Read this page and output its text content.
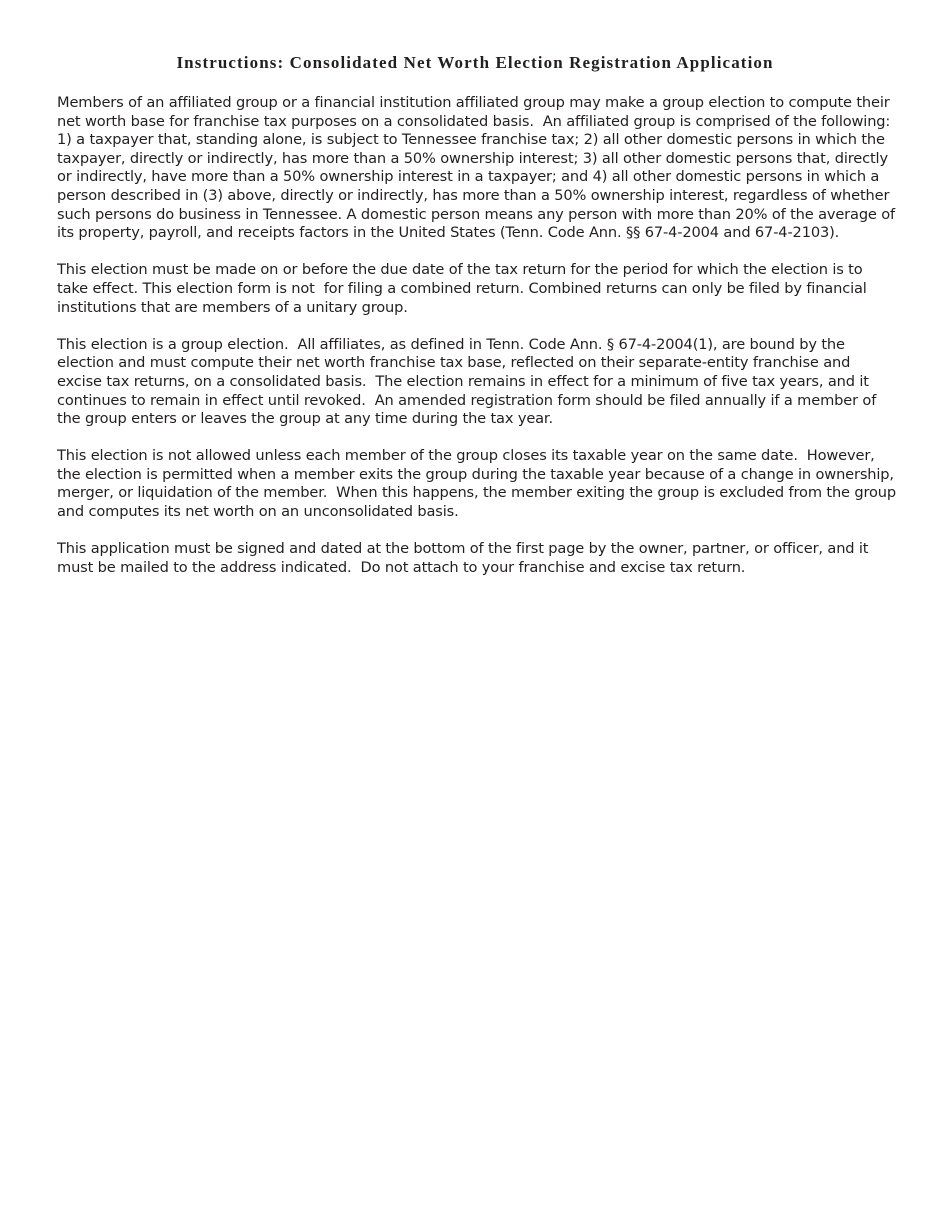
Instructions: Consolidated Net Worth Election Registration Application

Members of an affiliated group or a financial institution affiliated group may make a group election to compute their net worth base for franchise tax purposes on a consolidated basis.  An affiliated group is comprised of the following: 1) a taxpayer that, standing alone, is subject to Tennessee franchise tax; 2) all other domestic persons in which the taxpayer, directly or indirectly, has more than a 50% ownership interest; 3) all other domestic persons that, directly or indirectly, have more than a 50% ownership interest in a taxpayer; and 4) all other domestic persons in which a person described in (3) above, directly or indirectly, has more than a 50% ownership interest, regardless of whether such persons do business in Tennessee. A domestic person means any person with more than 20% of the average of its property, payroll, and receipts factors in the United States (Tenn. Code Ann. §§ 67-4-2004 and 67-4-2103).

This election must be made on or before the due date of the tax return for the period for which the election is to take effect. This election form is not  for filing a combined return. Combined returns can only be filed by financial institutions that are members of a unitary group.

This election is a group election.  All affiliates, as defined in Tenn. Code Ann. § 67-4-2004(1), are bound by the election and must compute their net worth franchise tax base, reflected on their separate-entity franchise and excise tax returns, on a consolidated basis.  The election remains in effect for a minimum of five tax years, and it continues to remain in effect until revoked.  An amended registration form should be filed annually if a member of the group enters or leaves the group at any time during the tax year.

This election is not allowed unless each member of the group closes its taxable year on the same date.  However, the election is permitted when a member exits the group during the taxable year because of a change in ownership, merger, or liquidation of the member.  When this happens, the member exiting the group is excluded from the group and computes its net worth on an unconsolidated basis.

This application must be signed and dated at the bottom of the first page by the owner, partner, or officer, and it must be mailed to the address indicated.  Do not attach to your franchise and excise tax return.
